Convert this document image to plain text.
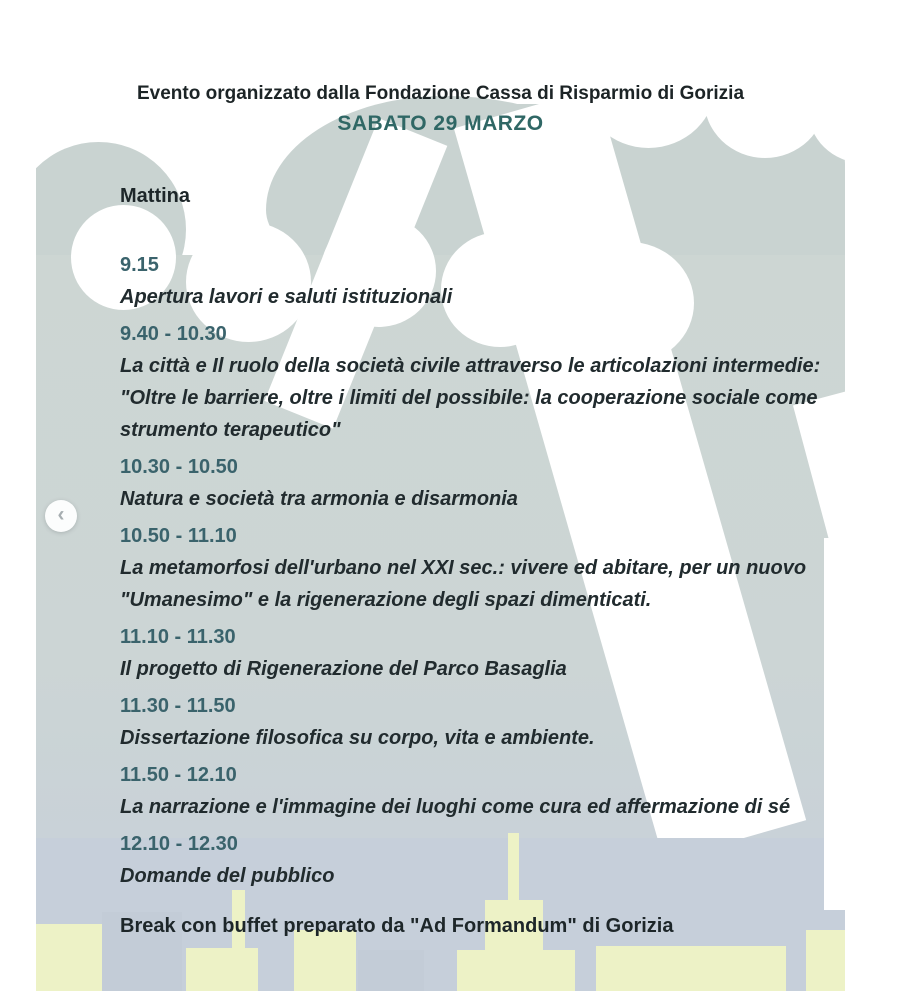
Evento organizzato dalla Fondazione Cassa di Risparmio di Gorizia
SABATO 29 MARZO
Mattina
9.15
Apertura lavori e saluti istituzionali
9.40 - 10.30
La città e Il ruolo della società civile attraverso le articolazioni intermedie: "Oltre le barriere, oltre i limiti del possibile: la cooperazione sociale come strumento terapeutico"
10.30 - 10.50
Natura e società tra armonia e disarmonia
10.50 - 11.10
La metamorfosi dell'urbano nel XXI sec.: vivere ed abitare, per un nuovo "Umanesimo" e la rigenerazione degli spazi dimenticati.
11.10 - 11.30
Il progetto di Rigenerazione del Parco Basaglia
11.30 - 11.50
Dissertazione filosofica su corpo, vita e ambiente.
11.50 - 12.10
La narrazione e l'immagine dei luoghi come cura ed affermazione di sé
12.10 - 12.30
Domande del pubblico
Break con buffet preparato da "Ad Formandum" di Gorizia
‹
